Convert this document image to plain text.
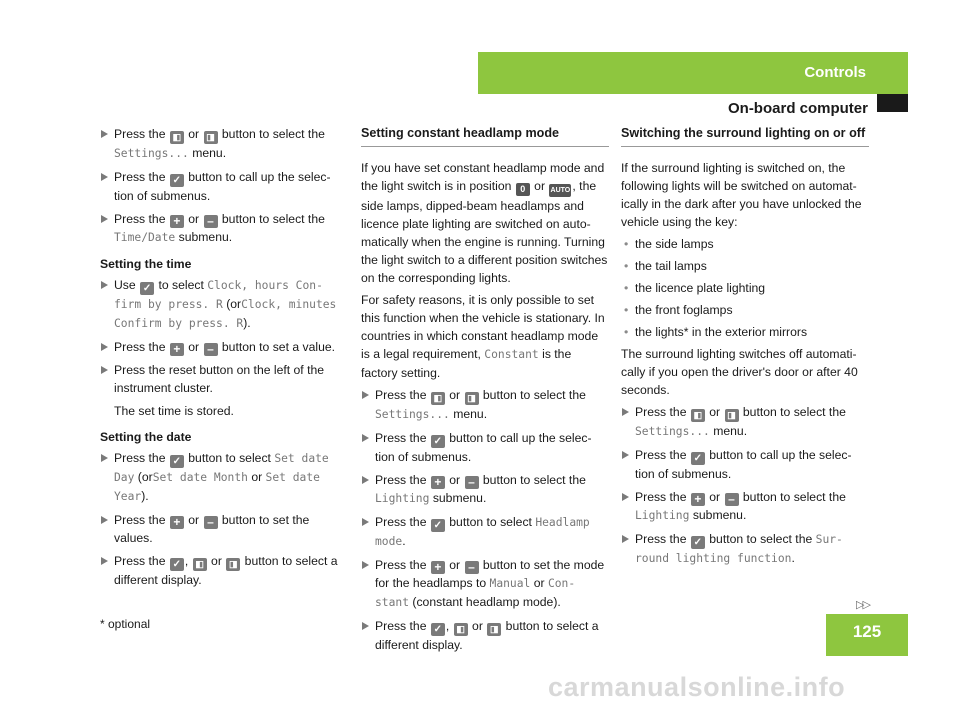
Controls
On-board computer
Press the ◧ or ◨ button to select the Settings... menu.
Press the ✓ button to call up the selec- tion of submenus.
Press the + or – button to select the Time/Date submenu.
Setting the time
Use ✓ to select Clock, hours Con- firm by press. R (orClock, minutes Confirm by press. R).
Press the + or – button to set a value.
Press the reset button on the left of the instrument cluster.
The set time is stored.
Setting the date
Press the ✓ button to select Set date Day (orSet date Month or Set date Year).
Press the + or – button to set the values.
Press the ✓ , ◧ or ◨ button to select a different display.
Setting constant headlamp mode
If you have set constant headlamp mode and the light switch is in position 0 or AUTO , the side lamps, dipped-beam headlamps and licence plate lighting are switched on auto- matically when the engine is running. Turning the light switch to a different position switches on the corresponding lights.
For safety reasons, it is only possible to set this function when the vehicle is stationary. In countries in which constant headlamp mode is a legal requirement, Constant is the factory setting.
Press the ◧ or ◨ button to select the Settings... menu.
Press the ✓ button to call up the selec- tion of submenus.
Press the + or – button to select the Lighting submenu.
Press the ✓ button to select Headlamp mode.
Press the + or – button to set the mode for the headlamps to Manual or Con- stant (constant headlamp mode).
Press the ✓ , ◧ or ◨ button to select a different display.
Switching the surround lighting on or off
If the surround lighting is switched on, the following lights will be switched on automat- ically in the dark after you have unlocked the vehicle using the key:
• the side lamps
• the tail lamps
• the licence plate lighting
• the front foglamps
• the lights* in the exterior mirrors
The surround lighting switches off automati- cally if you open the driver's door or after 40 seconds.
Press the ◧ or ◨ button to select the Settings... menu.
Press the ✓ button to call up the selec- tion of submenus.
Press the + or – button to select the Lighting submenu.
Press the ✓ button to select the Sur- round lighting function.
▷▷
* optional	125
carmanualsonline.info
